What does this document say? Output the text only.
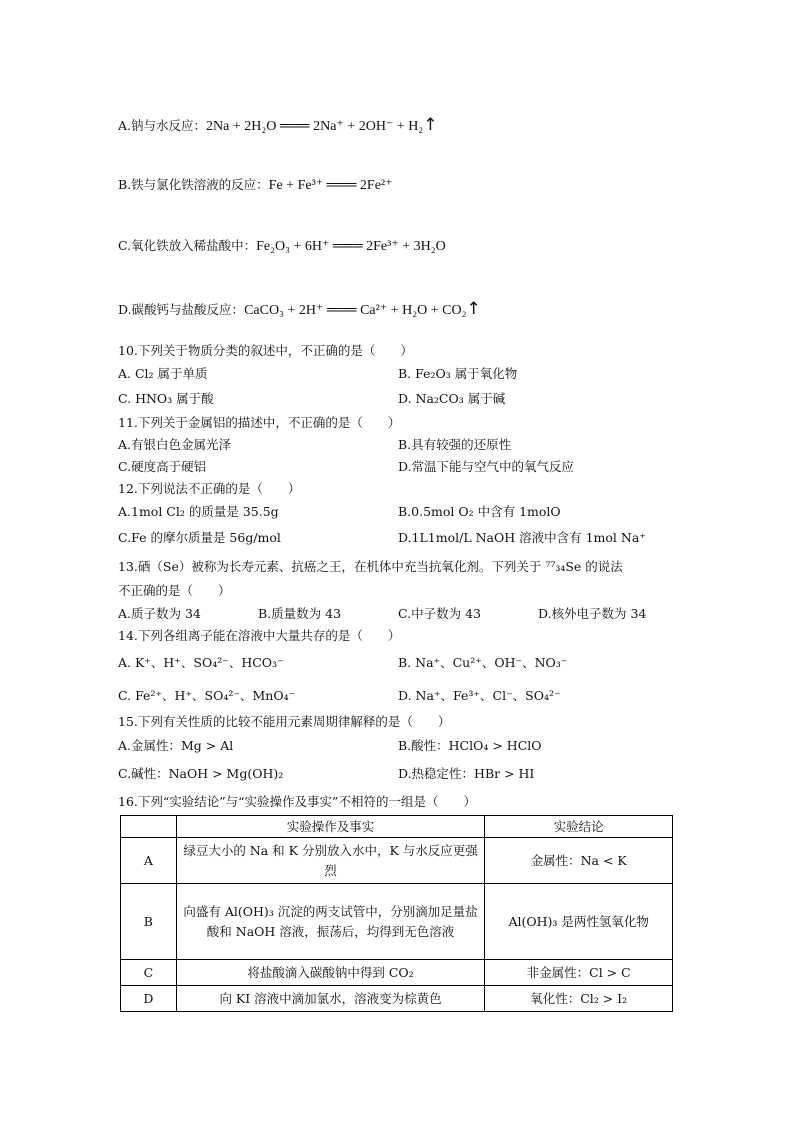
A.钠与水反应：2Na + 2H₂O ═══ 2Na⁺ + 2OH⁻ + H₂↑
B.铁与氯化铁溶液的反应：Fe + Fe³⁺ ═══ 2Fe²⁺
C.氧化铁放入稀盐酸中：Fe₂O₃ + 6H⁺ ═══ 2Fe³⁺ + 3H₂O
D.碳酸钙与盐酸反应：CaCO₃ + 2H⁺ ═══ Ca²⁺ + H₂O + CO₂↑
10.下列关于物质分类的叙述中，不正确的是（　　）
A. Cl₂ 属于单质	B. Fe₂O₃ 属于氧化物
C. HNO₃ 属于酸	D. Na₂CO₃ 属于碱
11.下列关于金属铝的描述中，不正确的是（　　）
A.有银白色金属光泽	B.具有较强的还原性
C.硬度高于硬铝	D.常温下能与空气中的氧气反应
12.下列说法不正确的是（　　）
A.1mol Cl₂ 的质量是 35.5g	B.0.5mol O₂ 中含有 1molO
C.Fe 的摩尔质量是 56g/mol	D.1L1mol/L NaOH 溶液中含有 1mol Na⁺
13.硒（Se）被称为长寿元素、抗癌之王，在机体中充当抗氧化剂。下列关于 ⁷⁷₃₄Se 的说法
不正确的是（　　）
A.质子数为 34	B.质量数为 43	C.中子数为 43	D.核外电子数为 34
14.下列各组离子能在溶液中大量共存的是（　　）
A. K⁺、H⁺、SO₄²⁻、HCO₃⁻	B. Na⁺、Cu²⁺、OH⁻、NO₃⁻
C. Fe²⁺、H⁺、SO₄²⁻、MnO₄⁻	D. Na⁺、Fe³⁺、Cl⁻、SO₄²⁻
15.下列有关性质的比较不能用元素周期律解释的是（　　）
A.金属性：Mg > Al	B.酸性：HClO₄ > HClO
C.碱性：NaOH > Mg(OH)₂	D.热稳定性：HBr > HI
16.下列“实验结论”与“实验操作及事实”不相符的一组是（　　）
	实验操作及事实	实验结论
A	绿豆大小的 Na 和 K 分别放入水中，K 与水反应更强烈	金属性：Na < K
B	向盛有 Al(OH)₃ 沉淀的两支试管中，分别滴加足量盐酸和 NaOH 溶液，振荡后，均得到无色溶液	Al(OH)₃ 是两性氢氧化物
C	将盐酸滴入碳酸钠中得到 CO₂	非金属性：Cl > C
D	向 KI 溶液中滴加氯水，溶液变为棕黄色	氧化性：Cl₂ > I₂
